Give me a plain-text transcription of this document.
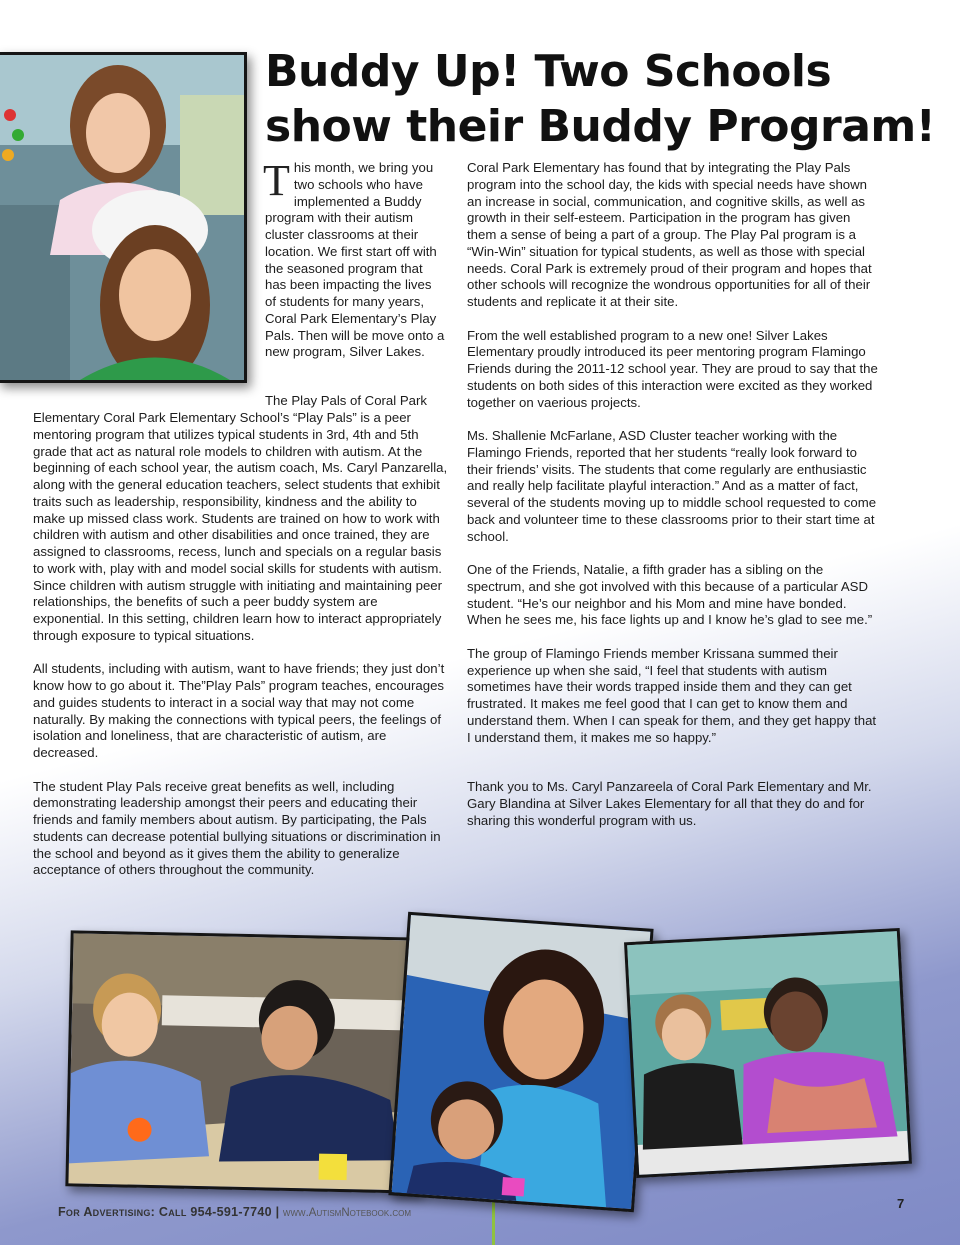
Buddy Up! Two Schools show their Buddy Program!
This month, we bring you two schools who have implemented a Buddy program with their autism cluster classrooms at their location. We first start off with the seasoned program that has been impacting the lives of students for many years, Coral Park Elementary’s Play Pals. Then will be move onto a new program, Silver Lakes.

The Play Pals of Coral Park

Elementary Coral Park Elementary School’s “Play Pals” is a peer mentoring program that utilizes typical students in 3rd, 4th and 5th grade that act as natural role models to children with autism. At the beginning of each school year, the autism coach, Ms. Caryl Panzarella, along with the general education teachers, select students that exhibit traits such as leadership, responsibility, kindness and the ability to make up missed class work. Students are trained on how to work with children with autism and other disabilities and once trained, they are assigned to classrooms, recess, lunch and specials on a regular basis to work with, play with and model social skills for students with autism. Since children with autism struggle with initiating and maintaining peer relationships, the benefits of such a peer buddy system are exponential. In this setting, children learn how to interact appropriately through exposure to typical situations.

All students, including with autism, want to have friends; they just don’t know how to go about it. The”Play Pals” program teaches, encourages and guides students to interact in a social way that may not come naturally. By making the connections with typical peers, the feelings of isolation and loneliness, that are characteristic of autism, are decreased.

The student Play Pals receive great benefits as well, including demonstrating leadership amongst their peers and educating their friends and family members about autism. By participating, the Pals students can decrease potential bullying situations or discrimination in the school and beyond as it gives them the ability to generalize acceptance of others throughout the community.

Coral Park Elementary has found that by integrating the Play Pals program into the school day, the kids with special needs have shown an increase in social, communication, and cognitive skills, as well as growth in their self-esteem. Participation in the program has given them a sense of being a part of a group. The Play Pal program is a “Win-Win” situation for typical students, as well as those with special needs. Coral Park is extremely proud of their program and hopes that other schools will recognize the wondrous opportunities for all of their students and replicate it at their site.

From the well established program to a new one! Silver Lakes Elementary proudly introduced its peer mentoring program Flamingo Friends during the 2011-12 school year. They are proud to say that the students on both sides of this interaction were excited as they worked together on vaerious projects.

Ms. Shallenie McFarlane, ASD Cluster teacher working with the Flamingo Friends, reported that her students “really look forward to their friends’ visits. The students that come regularly are enthusiastic and really help facilitate playful interaction.” And as a matter of fact, several of the students moving up to middle school requested to come back and volunteer time to these classrooms prior to their start time at school.

One of the Friends, Natalie, a fifth grader has a sibling on the spectrum, and she got involved with this because of a particular ASD student. “He’s our neighbor and his Mom and mine have bonded. When he sees me, his face lights up and I know he’s glad to see me.”

The group of Flamingo Friends member Krissana summed their experience up when she said, “I feel that students with autism sometimes have their words trapped inside them and they can get frustrated. It makes me feel good that I can get to know them and understand them. When I can speak for them, and they get happy that I understand them, it makes me so happy.”

Thank you to Ms. Caryl Panzareela of Coral Park Elementary and Mr. Gary Blandina at Silver Lakes Elementary for all that they do and for sharing this wonderful program with us.

For Advertising: Call 954-591-7740 | www.AutismNotebook.com
7
